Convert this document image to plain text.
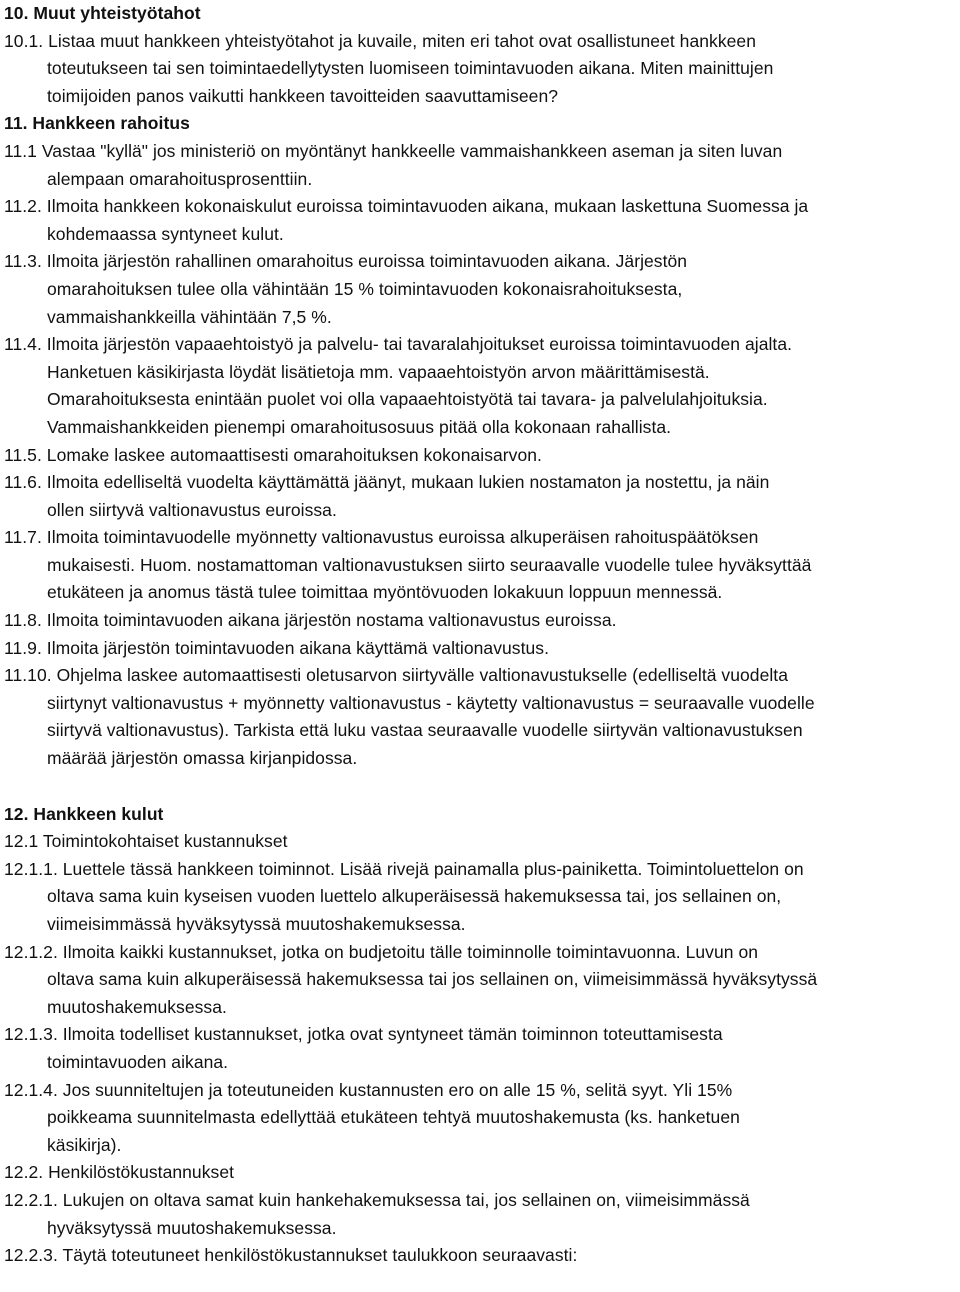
10. Muut yhteistyötahot
10.1. Listaa muut hankkeen yhteistyötahot ja kuvaile, miten eri tahot ovat osallistuneet hankkeen
toteutukseen tai sen toimintaedellytysten luomiseen toimintavuoden aikana. Miten mainittujen
toimijoiden panos vaikutti hankkeen tavoitteiden saavuttamiseen?
11. Hankkeen rahoitus
11.1 Vastaa "kyllä" jos ministeriö on myöntänyt hankkeelle vammaishankkeen aseman ja siten luvan
alempaan omarahoitusprosenttiin.
11.2. Ilmoita hankkeen kokonaiskulut euroissa toimintavuoden aikana, mukaan laskettuna Suomessa ja
kohdemaassa syntyneet kulut.
11.3. Ilmoita järjestön rahallinen omarahoitus euroissa toimintavuoden aikana. Järjestön
omarahoituksen tulee olla vähintään 15 % toimintavuoden kokonaisrahoituksesta,
vammaishankkeilla vähintään 7,5 %.
11.4. Ilmoita järjestön vapaaehtoistyö ja palvelu- tai tavaralahjoitukset euroissa toimintavuoden ajalta.
Hanketuen käsikirjasta löydät lisätietoja mm. vapaaehtoistyön arvon määrittämisestä.
Omarahoituksesta enintään puolet voi olla vapaaehtoistyötä tai tavara- ja palvelulahjoituksia.
Vammaishankkeiden pienempi omarahoitusosuus pitää olla kokonaan rahallista.
11.5. Lomake laskee automaattisesti omarahoituksen kokonaisarvon.
11.6. Ilmoita edelliseltä vuodelta käyttämättä jäänyt, mukaan lukien nostamaton ja nostettu, ja näin
ollen siirtyvä valtionavustus euroissa.
11.7. Ilmoita toimintavuodelle myönnetty valtionavustus euroissa alkuperäisen rahoituspäätöksen
mukaisesti. Huom. nostamattoman valtionavustuksen siirto seuraavalle vuodelle tulee hyväksyttää
etukäteen ja anomus tästä tulee toimittaa myöntövuoden lokakuun loppuun mennessä.
11.8. Ilmoita toimintavuoden aikana järjestön nostama valtionavustus euroissa.
11.9. Ilmoita järjestön toimintavuoden aikana käyttämä valtionavustus.
11.10. Ohjelma laskee automaattisesti oletusarvon siirtyvälle valtionavustukselle (edelliseltä vuodelta
siirtynyt valtionavustus + myönnetty valtionavustus - käytetty valtionavustus = seuraavalle vuodelle
siirtyvä valtionavustus). Tarkista että luku vastaa seuraavalle vuodelle siirtyvän valtionavustuksen
määrää järjestön omassa kirjanpidossa.
12. Hankkeen kulut
12.1 Toimintokohtaiset kustannukset
12.1.1. Luettele tässä hankkeen toiminnot. Lisää rivejä painamalla plus-painiketta. Toimintoluettelon on
oltava sama kuin kyseisen vuoden luettelo alkuperäisessä hakemuksessa tai, jos sellainen on,
viimeisimmässä hyväksytyssä muutoshakemuksessa.
12.1.2. Ilmoita kaikki kustannukset, jotka on budjetoitu tälle toiminnolle toimintavuonna. Luvun on
oltava sama kuin alkuperäisessä hakemuksessa tai jos sellainen on, viimeisimmässä hyväksytyssä
muutoshakemuksessa.
12.1.3. Ilmoita todelliset kustannukset, jotka ovat syntyneet tämän toiminnon toteuttamisesta
toimintavuoden aikana.
12.1.4. Jos suunniteltujen ja toteutuneiden kustannusten ero on alle 15 %, selitä syyt. Yli 15%
poikkeama suunnitelmasta edellyttää etukäteen tehtyä muutoshakemusta (ks. hanketuen
käsikirja).
12.2. Henkilöstökustannukset
12.2.1. Lukujen on oltava samat kuin hankehakemuksessa tai, jos sellainen on, viimeisimmässä
hyväksytyssä muutoshakemuksessa.
12.2.3. Täytä toteutuneet henkilöstökustannukset taulukkoon seuraavasti:
